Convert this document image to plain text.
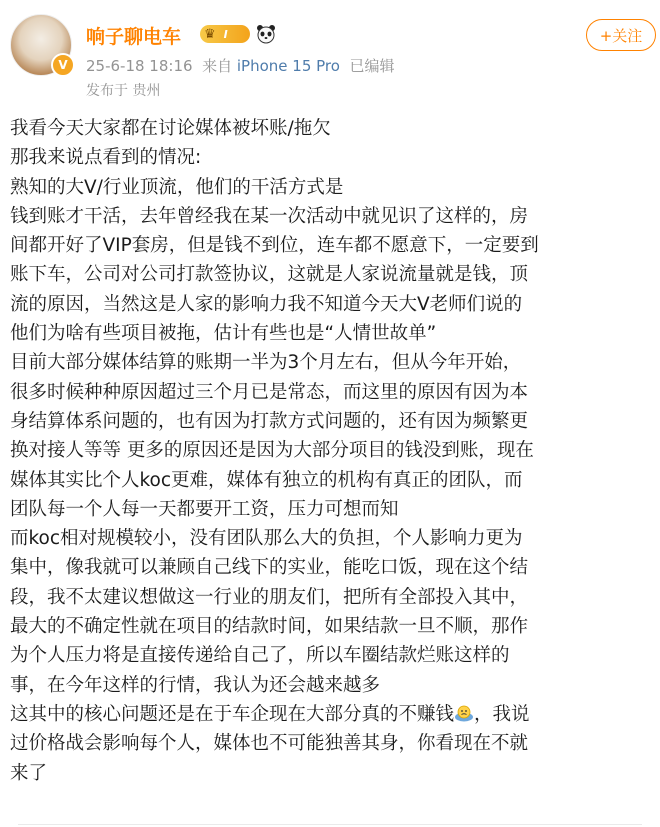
V
响子聊电车 ♛ I	+关注
25-6-18 18:16 来自 iPhone 15 Pro 已编辑
发布于 贵州

我看今天大家都在讨论媒体被坏账/拖欠

那我来说点看到的情况:

熟知的大V/行业顶流，他们的干活方式是

钱到账才干活，去年曾经我在某一次活动中就见识了这样的，房

间都开好了VIP套房，但是钱不到位，连车都不愿意下，一定要到

账下车，公司对公司打款签协议，这就是人家说流量就是钱，顶

流的原因，当然这是人家的影响力我不知道今天大V老师们说的

他们为啥有些项目被拖，估计有些也是“人情世故单”

目前大部分媒体结算的账期一半为3个月左右，但从今年开始，

很多时候种种原因超过三个月已是常态，而这里的原因有因为本

身结算体系问题的，也有因为打款方式问题的，还有因为频繁更

换对接人等等 更多的原因还是因为大部分项目的钱没到账，现在

媒体其实比个人koc更难，媒体有独立的机构有真正的团队，而

团队每一个人每一天都要开工资，压力可想而知

而koc相对规模较小，没有团队那么大的负担，个人影响力更为

集中，像我就可以兼顾自己线下的实业，能吃口饭，现在这个结

段，我不太建议想做这一行业的朋友们，把所有全部投入其中，

最大的不确定性就在项目的结款时间，如果结款一旦不顺，那作

为个人压力将是直接传递给自己了，所以车圈结款烂账这样的

事，在今年这样的行情，我认为还会越来越多

这其中的核心问题还是在于车企现在大部分真的不赚钱 ，我说

过价格战会影响每个人，媒体也不可能独善其身，你看现在不就

来了
